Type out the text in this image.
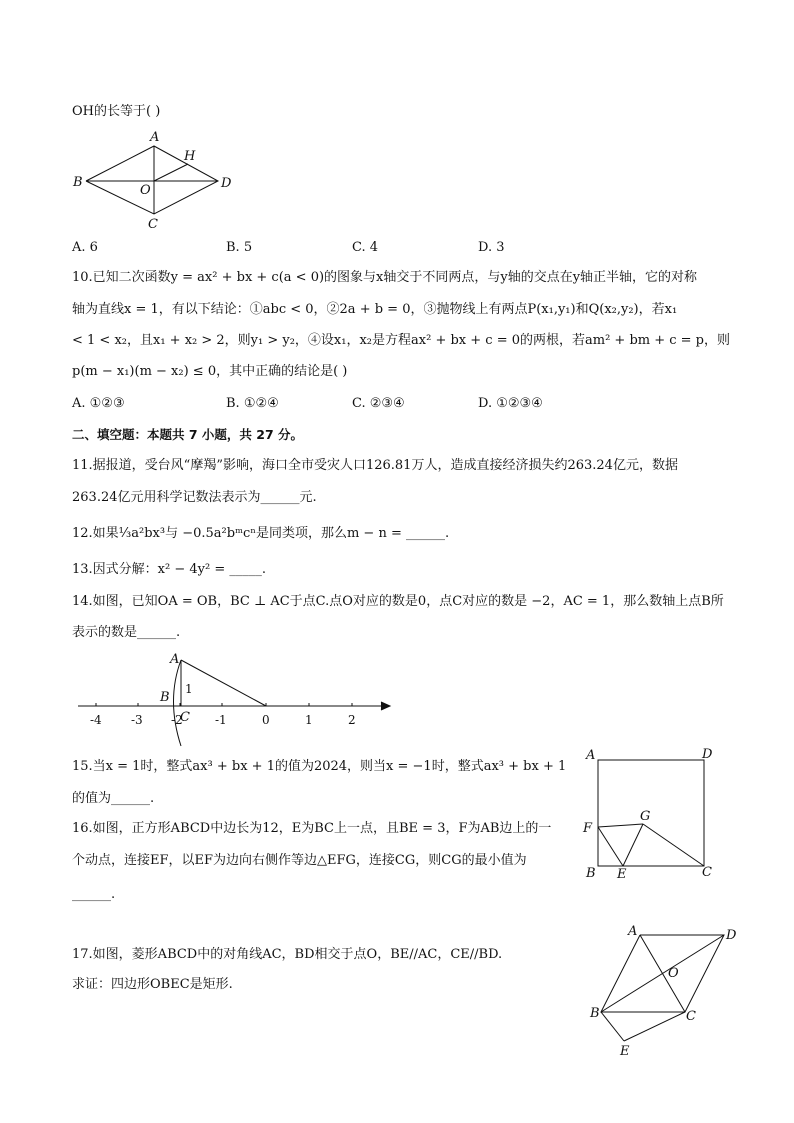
OH的长等于( )
A
B
C
D
H
O
A. 6	B. 5	C. 4	D. 3
10.已知二次函数y = ax² + bx + c(a < 0)的图象与x轴交于不同两点，与y轴的交点在y轴正半轴，它的对称
轴为直线x = 1，有以下结论：①abc < 0，②2a + b = 0，③抛物线上有两点P(x₁,y₁)和Q(x₂,y₂)，若x₁
< 1 < x₂，且x₁ + x₂ > 2，则y₁ > y₂，④设x₁，x₂是方程ax² + bx + c = 0的两根，若am² + bm + c = p，则
p(m − x₁)(m − x₂) ≤ 0，其中正确的结论是( )
A. ①②③	B. ①②④	C. ②③④	D. ①②③④
二、填空题：本题共 7 小题，共 27 分。
11.据报道，受台风“摩羯”影响，海口全市受灾人口126.81万人，造成直接经济损失约263.24亿元，数据
263.24亿元用科学记数法表示为______元.
12.如果⅓a²bx³与 −0.5a²bᵐcⁿ是同类项，那么m − n = ______.
13.因式分解：x² − 4y² = _____.
14.如图，已知OA = OB，BC ⊥ AC于点C.点O对应的数是0，点C对应的数是 −2，AC = 1，那么数轴上点B所
表示的数是______.
-4 -3 -2	-1	0	1	2
1
A
B
C
15.当x = 1时，整式ax³ + bx + 1的值为2024，则当x = −1时，整式ax³ + bx + 1
的值为______.
16.如图，正方形ABCD中边长为12，E为BC上一点，且BE = 3，F为AB边上的一
个动点，连接EF，以EF为边向右侧作等边△EFG，连接CG，则CG的最小值为
______.
A
B	C
D
E
F
G
17.如图，菱形ABCD中的对角线AC，BD相交于点O，BE//AC，CE//BD.
求证：四边形OBEC是矩形.
A
B	C
D
E
O
